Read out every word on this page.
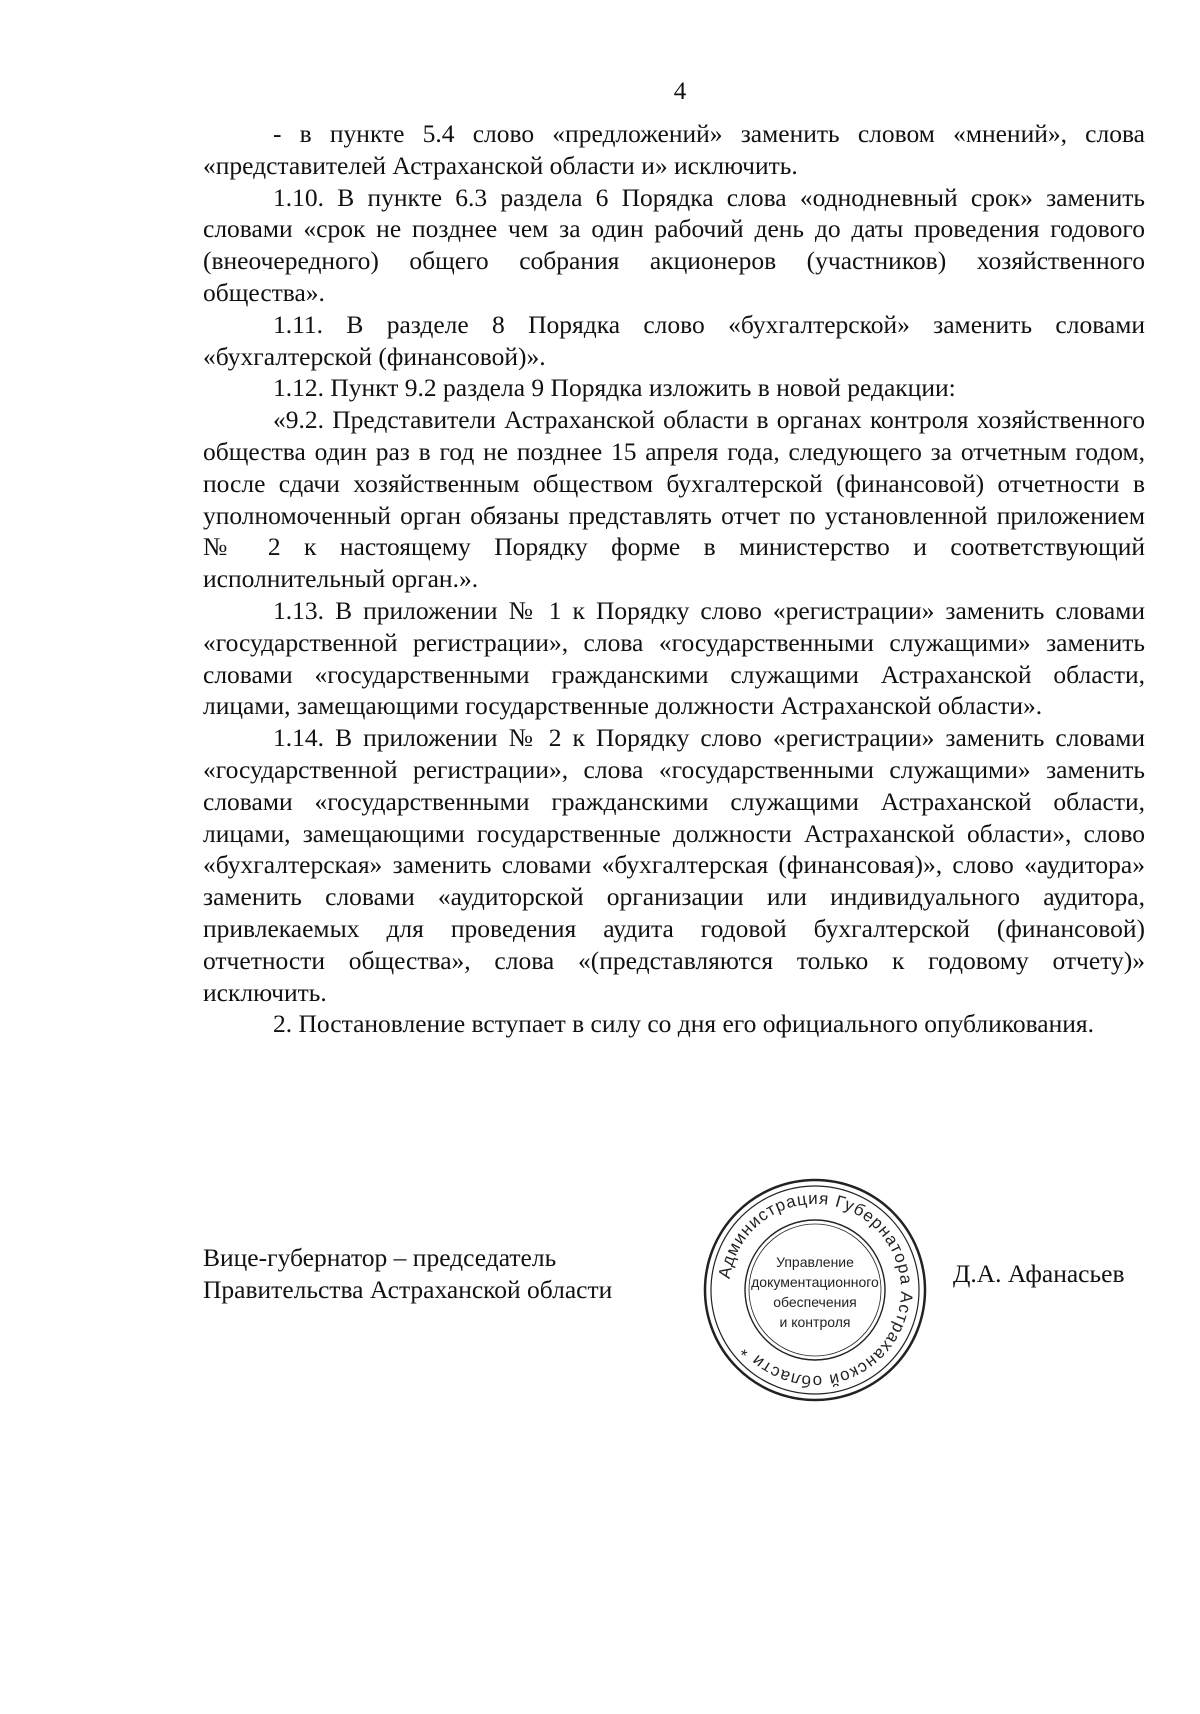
4

- в пункте 5.4 слово «предложений» заменить словом «мнений», слова «представителей Астраханской области и» исключить.

1.10. В пункте 6.3 раздела 6 Порядка слова «однодневный срок» заменить словами «срок не позднее чем за один рабочий день до даты проведения годового (внеочередного) общего собрания акционеров (участников) хозяйственного общества».

1.11. В разделе 8 Порядка слово «бухгалтерской» заменить словами «бухгалтерской (финансовой)».

1.12. Пункт 9.2 раздела 9 Порядка изложить в новой редакции:

«9.2. Представители Астраханской области в органах контроля хозяйственного общества один раз в год не позднее 15 апреля года, следующего за отчетным годом, после сдачи хозяйственным обществом бухгалтерской (финансовой) отчетности в уполномоченный орган обязаны представлять отчет по установленной приложением № 2 к настоящему Порядку форме в министерство и соответствующий исполнительный орган.».

1.13. В приложении № 1 к Порядку слово «регистрации» заменить словами «государственной регистрации», слова «государственными служащими» заменить словами «государственными гражданскими служащими Астраханской области, лицами, замещающими государственные должности Астраханской области».

1.14. В приложении № 2 к Порядку слово «регистрации» заменить словами «государственной регистрации», слова «государственными служащими» заменить словами «государственными гражданскими служащими Астраханской области, лицами, замещающими государственные должности Астраханской области», слово «бухгалтерская» заменить словами «бухгалтерская (финансовая)», слово «аудитора» заменить словами «аудиторской организации или индивидуального аудитора, привлекаемых для проведения аудита годовой бухгалтерской (финансовой) отчетности общества», слова «(представляются только к годовому отчету)» исключить.

2. Постановление вступает в силу со дня его официального опубликования.

Вице-губернатор – председатель
Правительства Астраханской области
Администрация Губернатора Астраханской области *
Управление
документационного
обеспечения
и контроля
Д.А. Афанасьев
